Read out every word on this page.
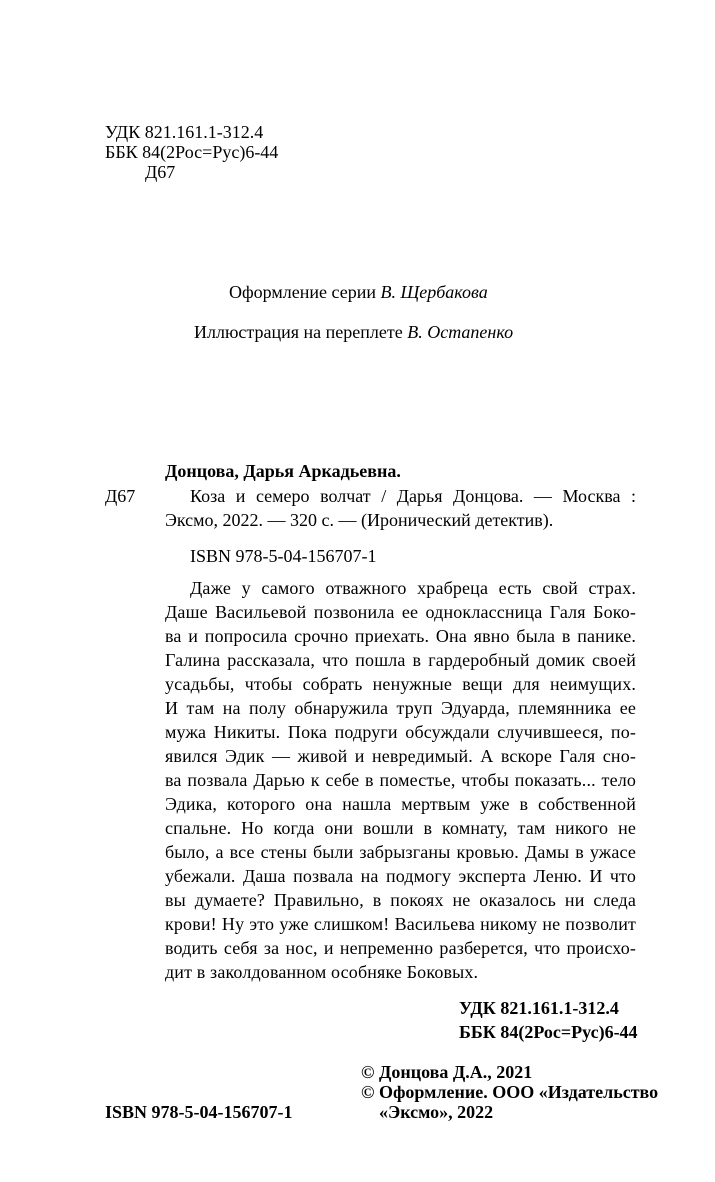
УДК 821.161.1-312.4
ББК 84(2Рос=Рус)6-44
Д67
Оформление серии В. Щербакова
Иллюстрация на переплете В. Остапенко
Донцова, Дарья Аркадьевна.
Д67	Коза и семеро волчат / Дарья Донцова. — Москва :
Эксмо, 2022. — 320 с. — (Иронический детектив).
ISBN 978-5-04-156707-1
Даже у самого отважного храбреца есть свой страх.
Даше Васильевой позвонила ее одноклассница Галя Боко-
ва и попросила срочно приехать. Она явно была в панике.
Галина рассказала, что пошла в гардеробный домик своей
усадьбы, чтобы собрать ненужные вещи для неимущих.
И там на полу обнаружила труп Эдуарда, племянника ее
мужа Никиты. Пока подруги обсуждали случившееся, по-
явился Эдик — живой и невредимый. А вскоре Галя сно-
ва позвала Дарью к себе в поместье, чтобы показать... тело
Эдика, которого она нашла мертвым уже в собственной
спальне. Но когда они вошли в комнату, там никого не
было, а все стены были забрызганы кровью. Дамы в ужасе
убежали. Даша позвала на подмогу эксперта Леню. И что
вы думаете? Правильно, в покоях не оказалось ни следа
крови! Ну это уже слишком! Васильева никому не позволит
водить себя за нос, и непременно разберется, что происхо-
дит в заколдованном особняке Боковых.
УДК 821.161.1-312.4
ББК 84(2Рос=Рус)6-44
© Донцова Д.А., 2021
© Оформление. ООО «Издательство
ISBN 978-5-04-156707-1	«Эксмо», 2022
